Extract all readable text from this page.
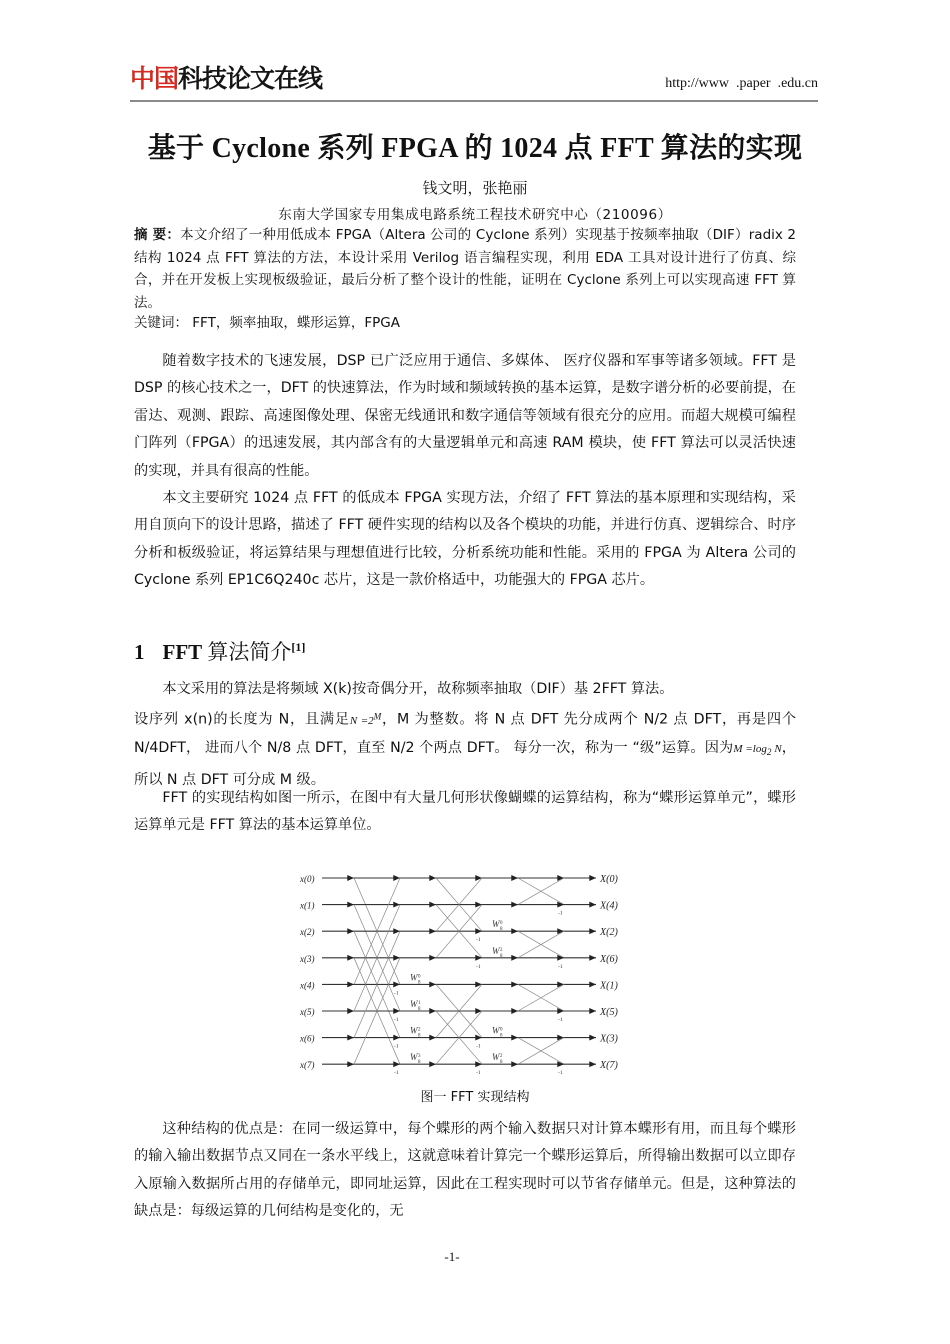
中国科技论文在线	http://www  .paper  .edu.cn
基于 Cyclone 系列 FPGA 的 1024 点 FFT 算法的实现
钱文明，张艳丽
东南大学国家专用集成电路系统工程技术研究中心（210096）
摘 要：本文介绍了一种用低成本 FPGA（Altera 公司的 Cyclone 系列）实现基于按频率抽取（DIF）radix 2 结构 1024 点 FFT 算法的方法，本设计采用 Verilog 语言编程实现，利用 EDA 工具对设计进行了仿真、综合，并在开发板上实现板级验证，最后分析了整个设计的性能，证明在 Cyclone 系列上可以实现高速 FFT 算法。
关键词： FFT，频率抽取，蝶形运算，FPGA
随着数字技术的飞速发展，DSP 已广泛应用于通信、多媒体、 医疗仪器和军事等诸多领域。FFT 是 DSP 的核心技术之一，DFT 的快速算法，作为时域和频域转换的基本运算，是数字谱分析的必要前提，在雷达、观测、跟踪、高速图像处理、保密无线通讯和数字通信等领域有很充分的应用。而超大规模可编程门阵列（FPGA）的迅速发展，其内部含有的大量逻辑单元和高速 RAM 模块，使 FFT 算法可以灵活快速的实现，并具有很高的性能。
本文主要研究 1024 点 FFT 的低成本 FPGA 实现方法，介绍了 FFT 算法的基本原理和实现结构，采用自顶向下的设计思路，描述了 FFT 硬件实现的结构以及各个模块的功能，并进行仿真、逻辑综合、时序分析和板级验证，将运算结果与理想值进行比较，分析系统功能和性能。采用的 FPGA 为 Altera 公司的 Cyclone 系列 EP1C6Q240c 芯片，这是一款价格适中，功能强大的 FPGA 芯片。
1 FFT 算法简介[1]
本文采用的算法是将频域 X(k)按奇偶分开，故称频率抽取（DIF）基 2FFT 算法。
设序列 x(n)的长度为 N，且满足$N =2^M$，M 为整数。将 N 点 DFT 先分成两个 N/2 点 DFT，再是四个 N/4DFT， 进而八个 N/8 点 DFT，直至 N/2 个两点 DFT。 每分一次，称为一 “级”运算。因为$M =\log_2$ N，所以 N 点 DFT 可分成 M 级。
FFT 的实现结构如图一所示，在图中有大量几何形状像蝴蝶的运算结构，称为“蝶形运算单元”，蝶形运算单元是 FFT 算法的基本运算单位。
x(0)
x(1)
x(2)
x(3)
x(4)
x(5)
x(6)
x(7)
-1
W 0
8
-1
W 1
8
-1
W 2
8
-1
W 3
8
-1
W 0
8
-1
W 2
8
-1
W 0
8
-1
W 2
8
-1
-1
-1
-1
X(0)
X(4)
X(2)
X(6)
X(1)
X(5)
X(3)
X(7)
图一 FFT 实现结构
这种结构的优点是：在同一级运算中，每个蝶形的两个输入数据只对计算本蝶形有用，而且每个蝶形的输入输出数据节点又同在一条水平线上，这就意味着计算完一个蝶形运算后，所得输出数据可以立即存入原输入数据所占用的存储单元，即同址运算，因此在工程实现时可以节省存储单元。但是，这种算法的缺点是：每级运算的几何结构是变化的，无
-1-
